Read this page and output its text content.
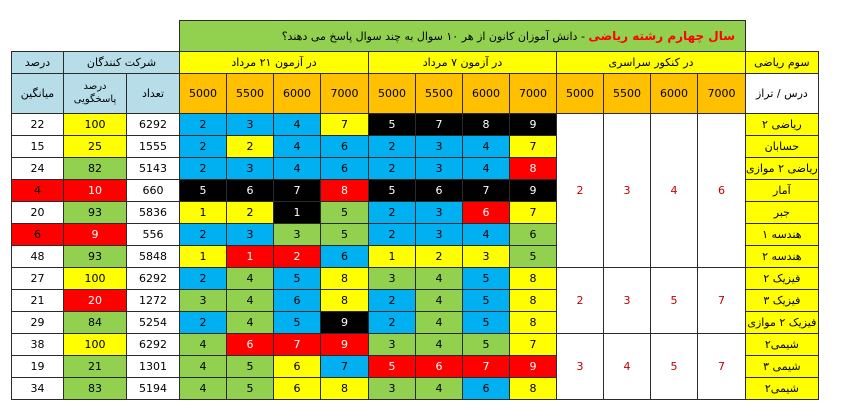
			سال چهارم رشته ریاضی - دانش آموزان کانون از هر ۱۰ سوال به چند سوال پاسخ می دهند؟												
درصد	شرکت کنندگان		در آزمون ۲۱ مرداد				در آزمون ۷ مرداد				در کنکور سراسری				سوم ریاضی
میانگین	درصد پاسخگویی	تعداد	5000	5500	6000	7000	5000	5500	6000	7000	5000	5500	6000	7000	درس / تراز
22	100	6292	2	3	4	7	5	7	8	9	2	3	4	6	ریاضی ۲
15	25	1555	2	2	4	6	2	3	4	7					حسابان
24	82	5143	2	3	4	6	2	3	4	8					ریاضی ۲ موازی
4	10	660	5	6	7	8	5	6	7	9					آمار
20	93	5836	1	2	1	5	2	3	6	7					جبر
6	9	556	2	3	3	5	2	3	4	6					هندسه ۱
48	93	5848	1	1	2	6	1	2	3	5					هندسه ۲
27	100	6292	2	4	5	8	3	4	5	8	2	3	5	7	فیزیک ۲
21	20	1272	3	4	6	8	2	4	5	8					فیزیک ۳
29	84	5254	2	4	5	9	2	4	5	8					فیزیک ۲ موازی
38	100	6292	4	6	7	9	3	4	5	7	3	4	5	7	شیمی۲
19	21	1301	4	5	6	7	5	6	7	9					شیمی ۳
34	83	5194	4	5	6	8	3	4	6	8					شیمی۲
